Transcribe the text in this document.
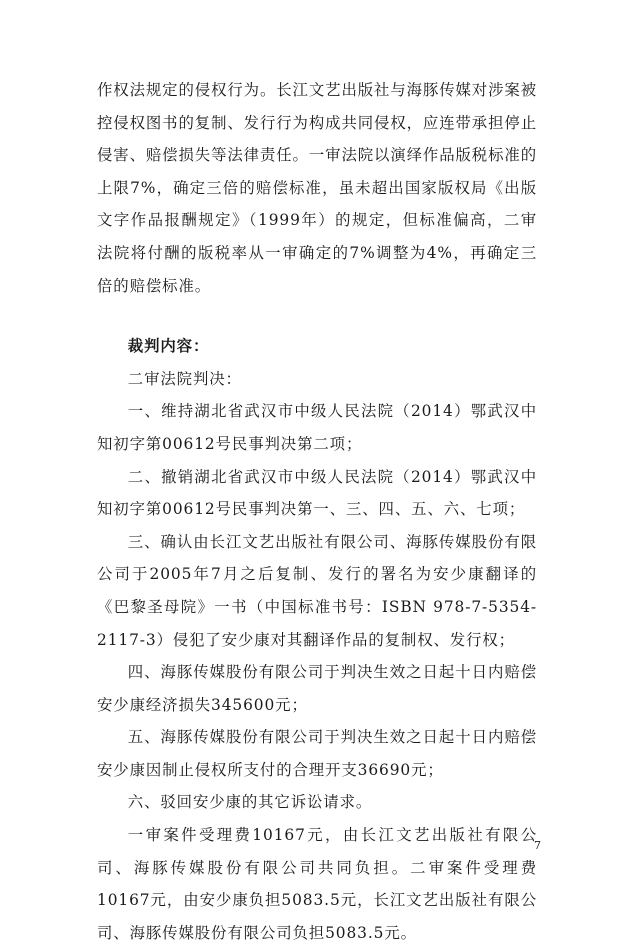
作权法规定的侵权行为。长江文艺出版社与海豚传媒对涉案被控侵权图书的复制、发行行为构成共同侵权，应连带承担停止侵害、赔偿损失等法律责任。一审法院以演绎作品版税标准的上限7%，确定三倍的赔偿标准，虽未超出国家版权局《出版文字作品报酬规定》（1999年）的规定，但标准偏高，二审法院将付酬的版税率从一审确定的7%调整为4%，再确定三倍的赔偿标准。

裁判内容：

二审法院判决：

一、维持湖北省武汉市中级人民法院（2014）鄂武汉中知初字第00612号民事判决第二项；

二、撤销湖北省武汉市中级人民法院（2014）鄂武汉中知初字第00612号民事判决第一、三、四、五、六、七项；

三、确认由长江文艺出版社有限公司、海豚传媒股份有限公司于2005年7月之后复制、发行的署名为安少康翻译的《巴黎圣母院》一书（中国标准书号：ISBN 978-7-5354-2117-3）侵犯了安少康对其翻译作品的复制权、发行权；

四、海豚传媒股份有限公司于判决生效之日起十日内赔偿安少康经济损失345600元；

五、海豚传媒股份有限公司于判决生效之日起十日内赔偿安少康因制止侵权所支付的合理开支36690元；

六、驳回安少康的其它诉讼请求。

一审案件受理费10167元，由长江文艺出版社有限公司、海豚传媒股份有限公司共同负担。二审案件受理费10167元，由安少康负担5083.5元，长江文艺出版社有限公司、海豚传媒股份有限公司负担5083.5元。

7
